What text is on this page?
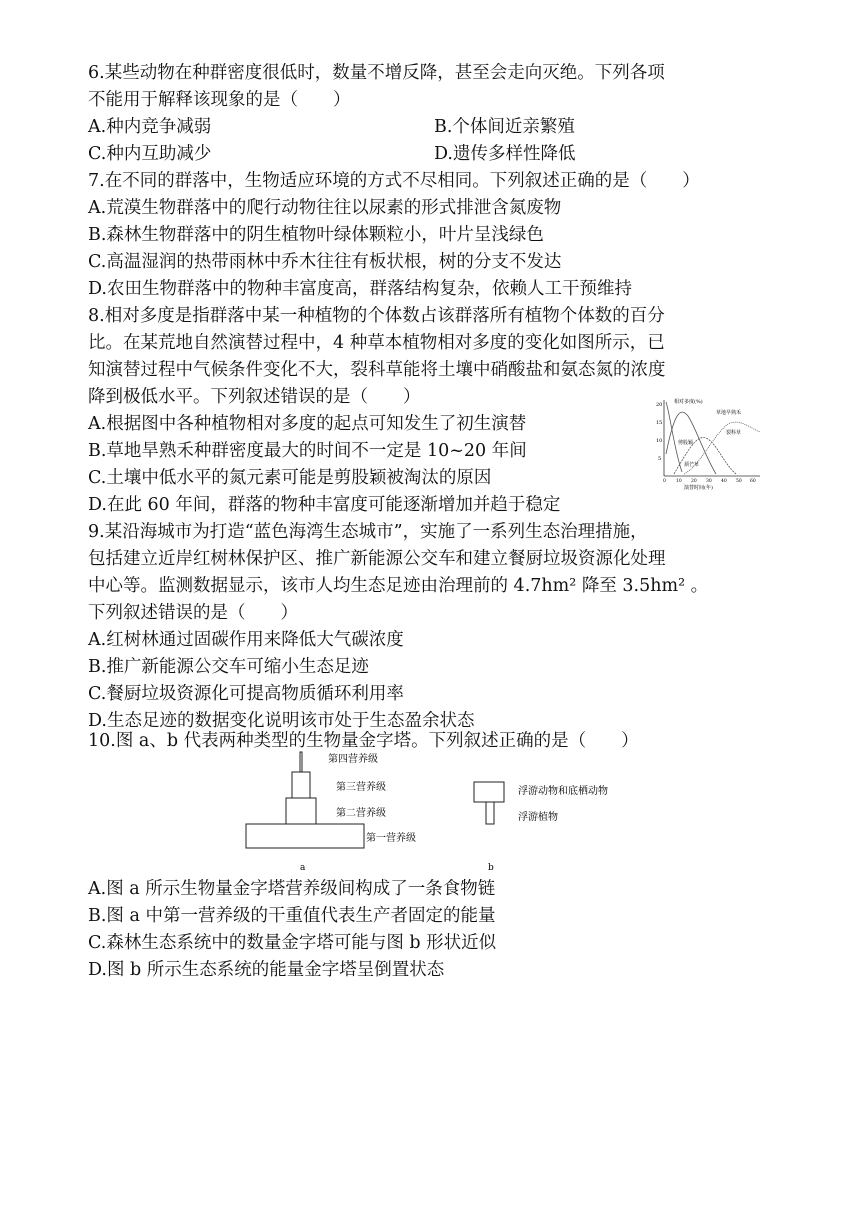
6.某些动物在种群密度很低时，数量不增反降，甚至会走向灭绝。下列各项
不能用于解释该现象的是（　　）
A.种内竞争减弱	B.个体间近亲繁殖
C.种内互助减少	D.遗传多样性降低
7.在不同的群落中，生物适应环境的方式不尽相同。下列叙述正确的是（　　）
A.荒漠生物群落中的爬行动物往往以尿素的形式排泄含氮废物
B.森林生物群落中的阴生植物叶绿体颗粒小，叶片呈浅绿色
C.高温湿润的热带雨林中乔木往往有板状根，树的分支不发达
D.农田生物群落中的物种丰富度高，群落结构复杂，依赖人工干预维持
8.相对多度是指群落中某一种植物的个体数占该群落所有植物个体数的百分
比。在某荒地自然演替过程中，4 种草本植物相对多度的变化如图所示，已
知演替过程中气候条件变化不大，裂科草能将土壤中硝酸盐和氨态氮的浓度
降到极低水平。下列叙述错误的是（　　）
A.根据图中各种植物相对多度的起点可知发生了初生演替
B.草地旱熟禾种群密度最大的时间不一定是 10~20 年间
C.土壤中低水平的氮元素可能是剪股颖被淘汰的原因
D.在此 60 年间，群落的物种丰富度可能逐渐增加并趋于稳定
相对多度(%)
20
15
10
5
0 10 20 30 40 50 60
演替时间(年)
草地早熟禾
裂科草
剪股颖
须芒草
9.某沿海城市为打造“蓝色海湾生态城市”，实施了一系列生态治理措施，
包括建立近岸红树林保护区、推广新能源公交车和建立餐厨垃圾资源化处理
中心等。监测数据显示，该市人均生态足迹由治理前的 4.7hm² 降至 3.5hm² 。
下列叙述错误的是（　　）
A.红树林通过固碳作用来降低大气碳浓度
B.推广新能源公交车可缩小生态足迹
C.餐厨垃圾资源化可提高物质循环利用率
D.生态足迹的数据变化说明该市处于生态盈余状态
10.图 a、b 代表两种类型的生物量金字塔。下列叙述正确的是（　　）
第四营养级
第三营养级
第二营养级
第一营养级
a
浮游动物和底栖动物
浮游植物
b
A.图 a 所示生物量金字塔营养级间构成了一条食物链
B.图 a 中第一营养级的干重值代表生产者固定的能量
C.森林生态系统中的数量金字塔可能与图 b 形状近似
D.图 b 所示生态系统的能量金字塔呈倒置状态
